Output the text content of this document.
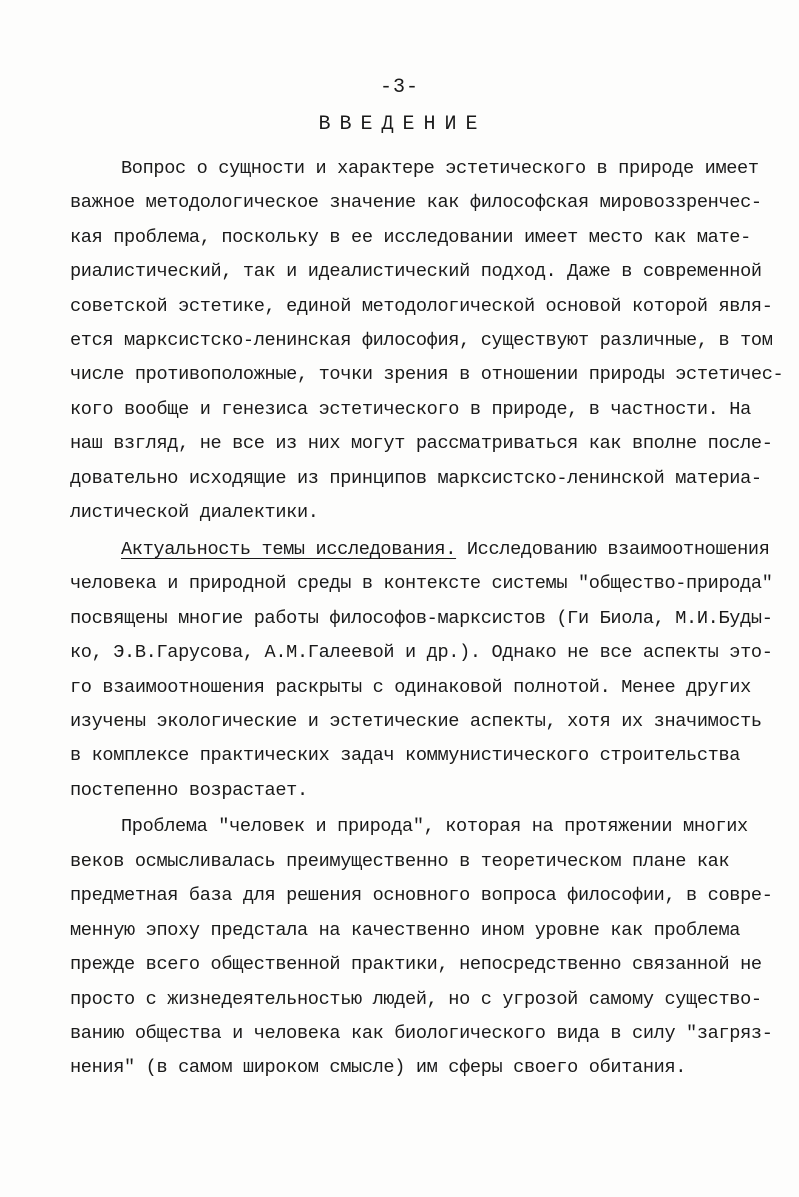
-3-
ВВЕДЕНИЕ
Вопрос о сущности и характере эстетического в природе имеет
важное методологическое значение как философская мировоззренчес-
кая проблема, поскольку в ее исследовании имеет место как мате-
риалистический, так и идеалистический подход. Даже в современной
советской эстетике, единой методологической основой которой явля-
ется марксистско-ленинская философия, существуют различные, в том
числе противоположные, точки зрения в отношении природы эстетичес-
кого вообще и генезиса эстетического в природе, в частности. На
наш взгляд, не все из них могут рассматриваться как вполне после-
довательно исходящие из принципов марксистско-ленинской материа-
листической диалектики.
Актуальность темы исследования. Исследованию взаимоотношения
человека и природной среды в контексте системы "общество-природа"
посвящены многие работы философов-марксистов (Ги Биола, М.И.Буды-
ко, Э.В.Гарусова, А.М.Галеевой и др.). Однако не все аспекты это-
го взаимоотношения раскрыты с одинаковой полнотой. Менее других
изучены экологические и эстетические аспекты, хотя их значимость
в комплексе практических задач коммунистического строительства
постепенно возрастает.
Проблема "человек и природа", которая на протяжении многих
веков осмысливалась преимущественно в теоретическом плане как
предметная база для решения основного вопроса философии, в совре-
менную эпоху предстала на качественно ином уровне как проблема
прежде всего общественной практики, непосредственно связанной не
просто с жизнедеятельностью людей, но с угрозой самому существо-
ванию общества и человека как биологического вида в силу "загряз-
нения" (в самом широком смысле) им сферы своего обитания.
